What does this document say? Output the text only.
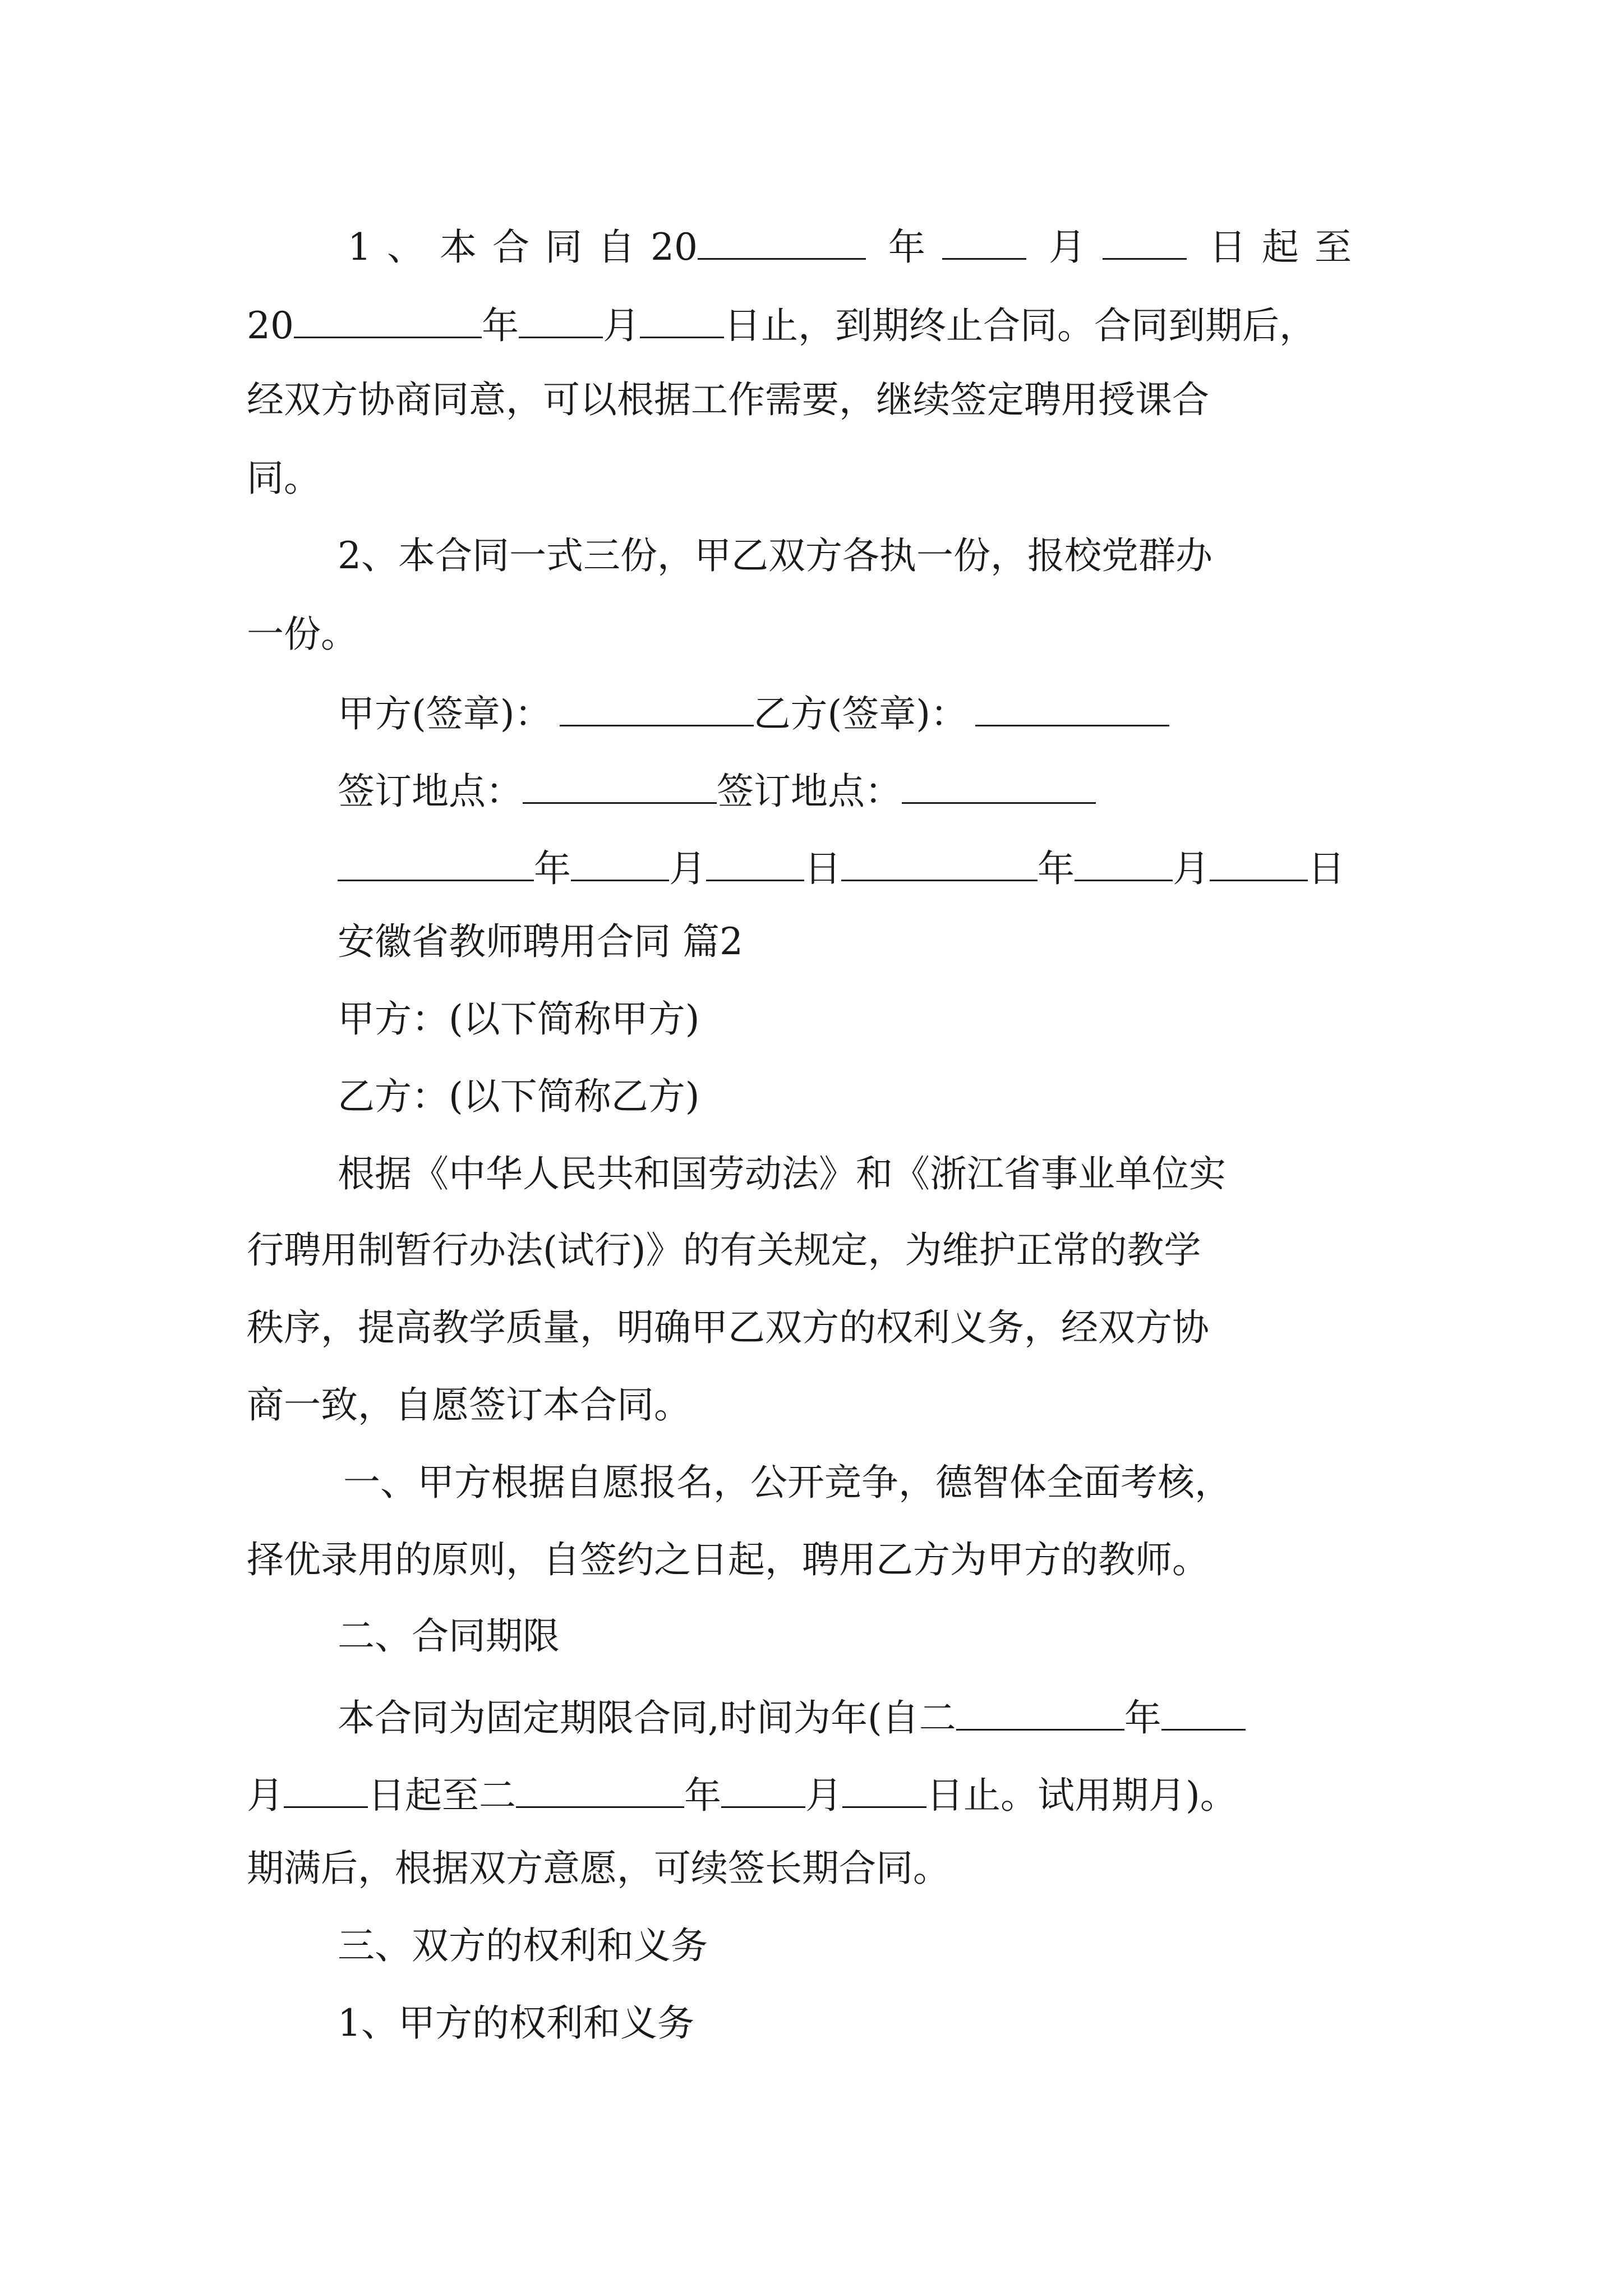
1、本合同自20	年	月	日起至
20	年 月 日止，到期终止合同。合同到期后，
经双方协商同意，可以根据工作需要，继续签定聘用授课合
同。
2、本合同一式三份，甲乙双方各执一份，报校党群办
一份。
甲方(签章)：	乙方(签章)：
签订地点：	签订地点：
年	月	日	年	月	日
安徽省教师聘用合同 篇2
甲方：(以下简称甲方)
乙方：(以下简称乙方)
根据《中华人民共和国劳动法》和《浙江省事业单位实
行聘用制暂行办法(试行)》的有关规定，为维护正常的教学
秩序，提高教学质量，明确甲乙双方的权利义务，经双方协
商一致，自愿签订本合同。
一、甲方根据自愿报名，公开竞争，德智体全面考核，
择优录用的原则，自签约之日起，聘用乙方为甲方的教师。
二、合同期限
本合同为固定期限合同,时间为年(自二	年
月 日起至二	年 月 日止。试用期月)。
期满后，根据双方意愿，可续签长期合同。
三、双方的权利和义务
1、甲方的权利和义务
